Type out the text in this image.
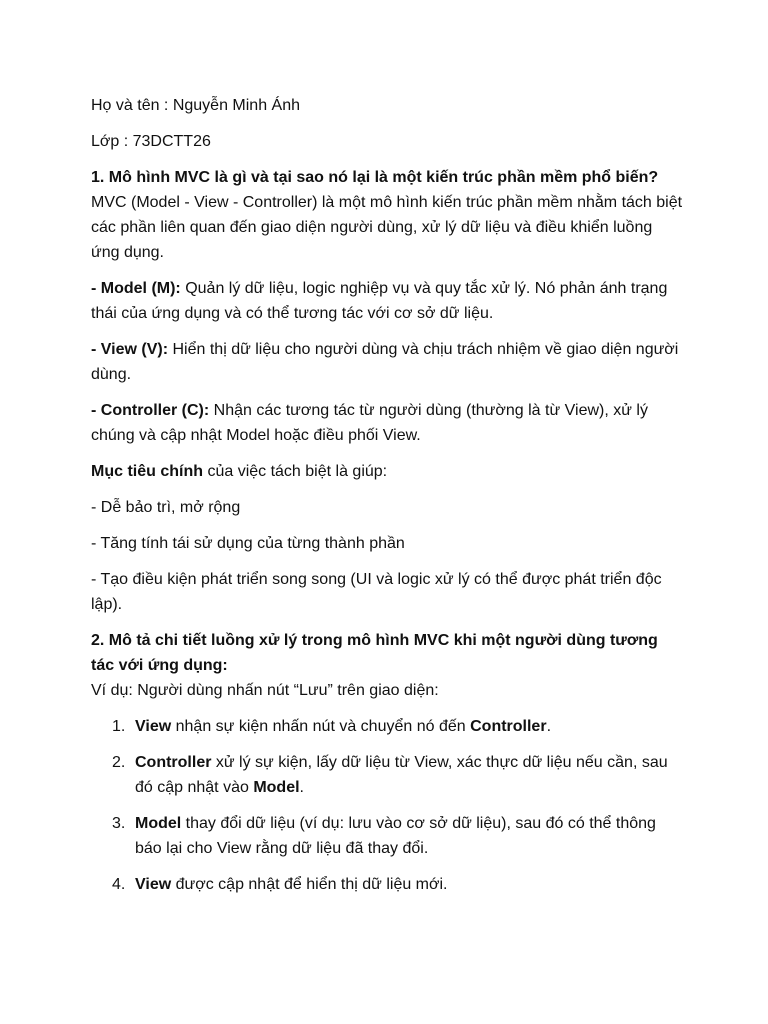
Họ và tên : Nguyễn Minh Ánh

Lớp : 73DCTT26

1. Mô hình MVC là gì và tại sao nó lại là một kiến trúc phần mềm phổ biến?

MVC (Model - View - Controller) là một mô hình kiến trúc phần mềm nhằm tách biệt các phần liên quan đến giao diện người dùng, xử lý dữ liệu và điều khiển luồng ứng dụng.

- Model (M): Quản lý dữ liệu, logic nghiệp vụ và quy tắc xử lý. Nó phản ánh trạng thái của ứng dụng và có thể tương tác với cơ sở dữ liệu.

- View (V): Hiển thị dữ liệu cho người dùng và chịu trách nhiệm về giao diện người dùng.

- Controller (C): Nhận các tương tác từ người dùng (thường là từ View), xử lý chúng và cập nhật Model hoặc điều phối View.

Mục tiêu chính của việc tách biệt là giúp:

- Dễ bảo trì, mở rộng

- Tăng tính tái sử dụng của từng thành phần

- Tạo điều kiện phát triển song song (UI và logic xử lý có thể được phát triển độc lập).

2. Mô tả chi tiết luồng xử lý trong mô hình MVC khi một người dùng tương tác với ứng dụng:

Ví dụ: Người dùng nhấn nút “Lưu” trên giao diện:

1. View nhận sự kiện nhấn nút và chuyển nó đến Controller.
2. Controller xử lý sự kiện, lấy dữ liệu từ View, xác thực dữ liệu nếu cần, sau đó cập nhật vào Model.
3. Model thay đổi dữ liệu (ví dụ: lưu vào cơ sở dữ liệu), sau đó có thể thông báo lại cho View rằng dữ liệu đã thay đổi.
4. View được cập nhật để hiển thị dữ liệu mới.
